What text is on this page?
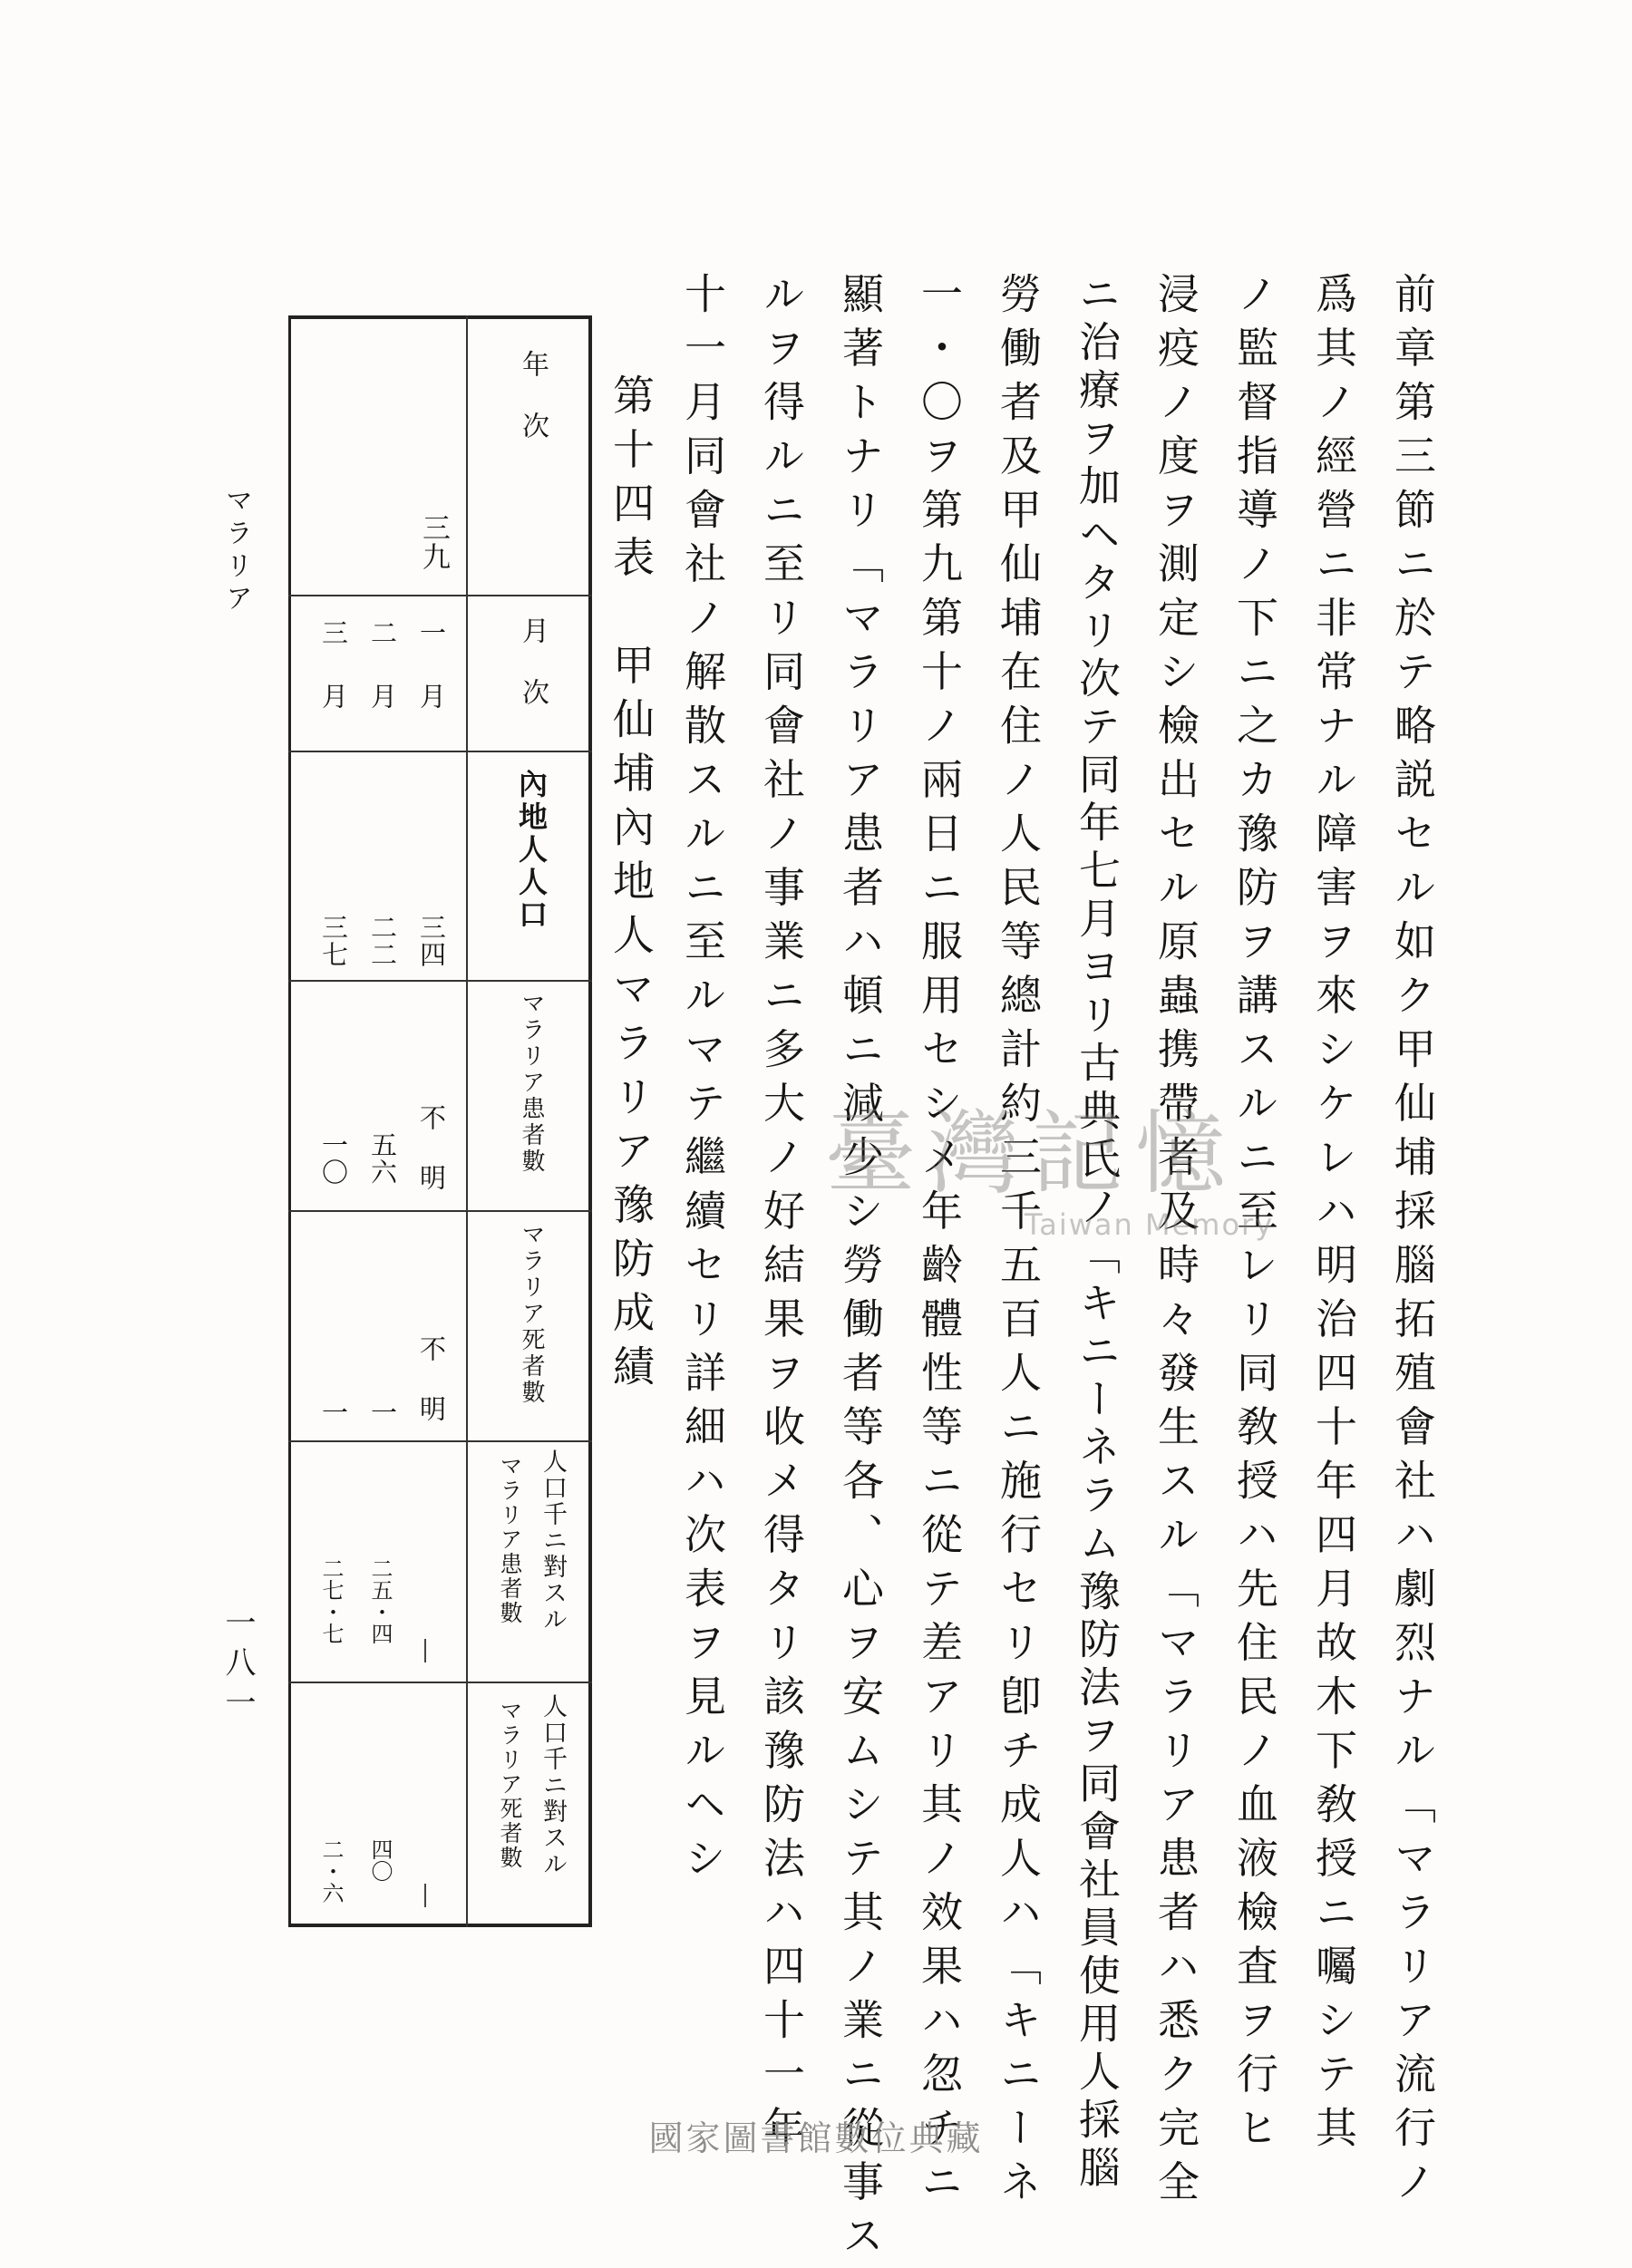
前章第三節ニ於テ略説セル如ク甲仙埔採腦拓殖會社ハ劇烈ナル「マラリア流行ノ
爲其ノ經營ニ非常ナル障害ヲ來シケレハ明治四十年四月故木下敎授ニ囑シテ其
ノ監督指導ノ下ニ之カ豫防ヲ講スルニ至レリ同敎授ハ先住民ノ血液檢査ヲ行ヒ
浸疫ノ度ヲ測定シ檢出セル原蟲携帶者及時々發生スル「マラリア患者ハ悉ク完全
ニ治療ヲ加ヘタリ次テ同年七月ヨリ古典氏ノ「キニーネラム豫防法ヲ同會社員使用人採腦
勞働者及甲仙埔在住ノ人民等總計約三千五百人ニ施行セリ卽チ成人ハ「キニーネ
一・〇ヲ第九第十ノ兩日ニ服用セシメ年齡體性等ニ從テ差アリ其ノ效果ハ忽チニ
顯著トナリ「マラリア患者ハ頓ニ減少シ勞働者等各、心ヲ安ムシテ其ノ業ニ從事ス
ルヲ得ルニ至リ同會社ノ事業ニ多大ノ好結果ヲ收メ得タリ該豫防法ハ四十一年
十一月同會社ノ解散スルニ至ルマテ繼續セリ詳細ハ次表ヲ見ルヘシ
第十四表　甲仙埔內地人マラリア豫防成績
年　次
月　次
內地人人口
マラリア患者數
マラリア死者數
人口千ニ對スル
マラリア患者數
人口千ニ對スル
マラリア死者數
三九
一　月
二　月
三　月
三四
二二
三七
不　明
五六
一〇
不　明
一
一
二五・四
二七・七
四〇
二・六
マラリア
一八一
臺灣記憶
Taiwan Memory
國家圖書館數位典藏
